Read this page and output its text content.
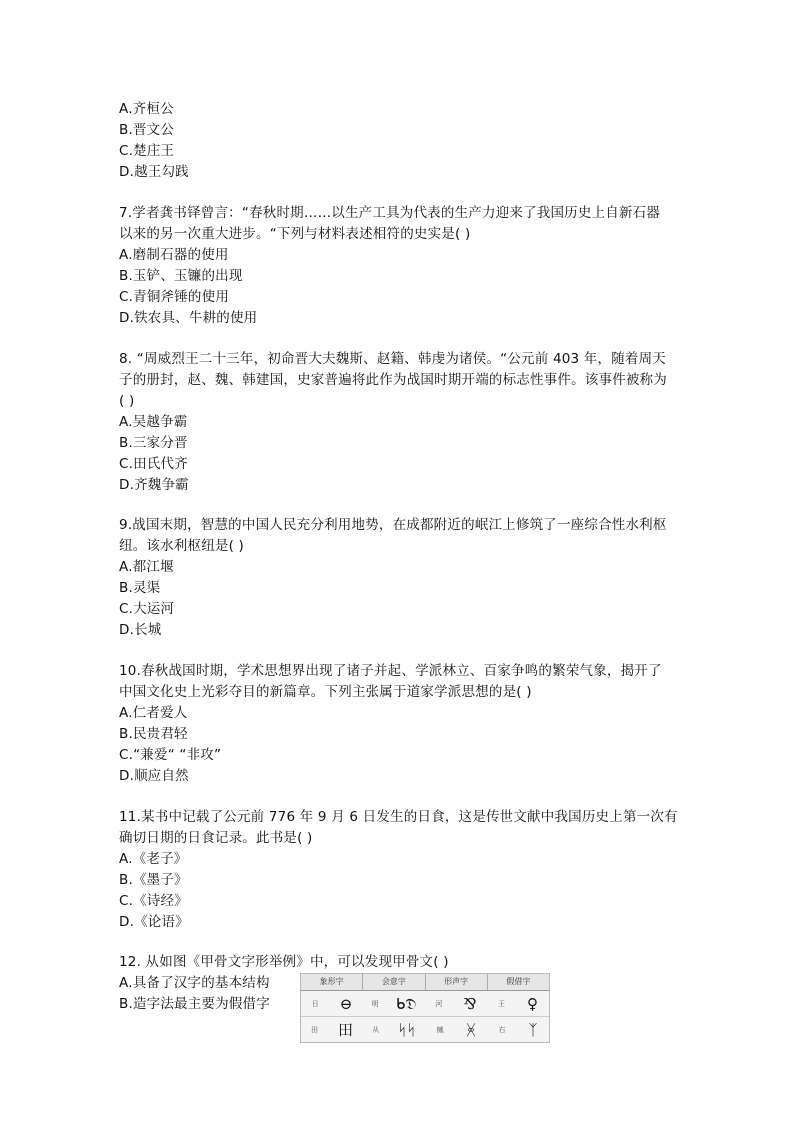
A.齐桓公
B.晋文公
C.楚庄王
D.越王勾践
7.学者龚书铎曾言：“春秋时期……以生产工具为代表的生产力迎来了我国历史上自新石器
以来的另一次重大进步。“下列与材料表述相符的史实是( )
A.磨制石器的使用
B.玉铲、玉镰的出现
C.青铜斧锤的使用
D.铁农具、牛耕的使用
8. “周威烈王二十三年，初命晋大夫魏斯、赵籍、韩虔为诸侯。“公元前 403 年，随着周天
子的册封，赵、魏、韩建国，史家普遍将此作为战国时期开端的标志性事件。该事件被称为
( )
A.吴越争霸
B.三家分晋
C.田氏代齐
D.齐魏争霸
9.战国末期，智慧的中国人民充分利用地势，在成都附近的岷江上修筑了一座综合性水利枢
纽。该水利枢纽是( )
A.都江堰
B.灵渠
C.大运河
D.长城
10.春秋战国时期，学术思想界出现了诸子并起、学派林立、百家争鸣的繁荣气象，揭开了
中国文化史上光彩夺目的新篇章。下列主张属于道家学派思想的是( )
A.仁者爱人
B.民贵君轻
C.“兼爱“ “非攻”
D.顺应自然
11.某书中记载了公元前 776 年 9 月 6 日发生的日食，这是传世文献中我国历史上第一次有
确切日期的日食记录。此书是( )
A.《老子》
B.《墨子》
C.《诗经》
D.《论语》
12. 从如图《甲骨文字形举例》中，可以发现甲骨文( )
A.具备了汉字的基本结构
B.造字法最主要为假借字
象形字	会意字	形声字	假借字
日 ⊖	明 ᑲ𝔇	河 ⅋	王 ♀
田 田	从 ᛋᛋ	槭 ᚸ	右 ᛉ
